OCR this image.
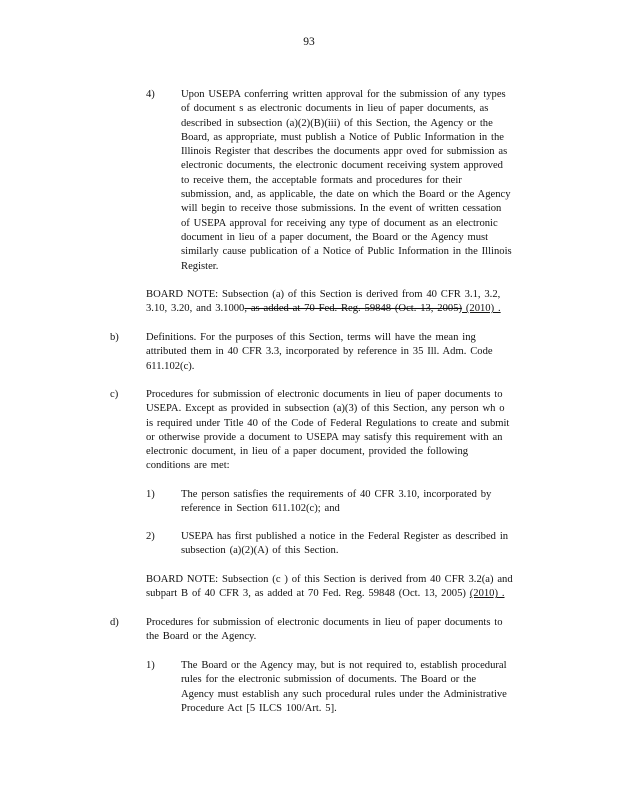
93
4) Upon USEPA conferring written approval for the submission of any types
of document s as electronic documents in lieu of paper documents, as
described in subsection (a)(2)(B)(iii) of this Section, the Agency or the
Board, as appropriate, must publish a Notice of Public Information in the
Illinois Register that describes the documents appr oved for submission as
electronic documents, the electronic document receiving system approved
to receive them, the acceptable formats and procedures for their
submission, and, as applicable, the date on which the Board or the Agency
will begin to receive those submissions. In the event of written cessation
of USEPA approval for receiving any type of document as an electronic
document in lieu of a paper document, the Board or the Agency must
similarly cause publication of a Notice of Public Information in the Illinois
Register.
BOARD NOTE: Subsection (a) of this Section is derived from 40 CFR 3.1, 3.2,
3.10, 3.20, and 3.1000, as added at 70 Fed. Reg. 59848 (Oct. 13, 2005) (2010) .
b)	Definitions. For the purposes of this Section, terms will have the mean ing
attributed them in 40 CFR 3.3, incorporated by reference in 35 Ill. Adm. Code
611.102(c).
c)	Procedures for submission of electronic documents in lieu of paper documents to
USEPA. Except as provided in subsection (a)(3) of this Section, any person wh o
is required under Title 40 of the Code of Federal Regulations to create and submit
or otherwise provide a document to USEPA may satisfy this requirement with an
electronic document, in lieu of a paper document, provided the following
conditions are met:
1) The person satisfies the requirements of 40 CFR 3.10, incorporated by
reference in Section 611.102(c); and
2) USEPA has first published a notice in the Federal Register as described in
subsection (a)(2)(A) of this Section.
BOARD NOTE: Subsection (c ) of this Section is derived from 40 CFR 3.2(a) and
subpart B of 40 CFR 3, as added at 70 Fed. Reg. 59848 (Oct. 13, 2005) (2010) .
d)	Procedures for submission of electronic documents in lieu of paper documents to
the Board or the Agency.
1) The Board or the Agency may, but is not required to, establish procedural
rules for the electronic submission of documents. The Board or the
Agency must establish any such procedural rules under the Administrative
Procedure Act [5 ILCS 100/Art. 5].
